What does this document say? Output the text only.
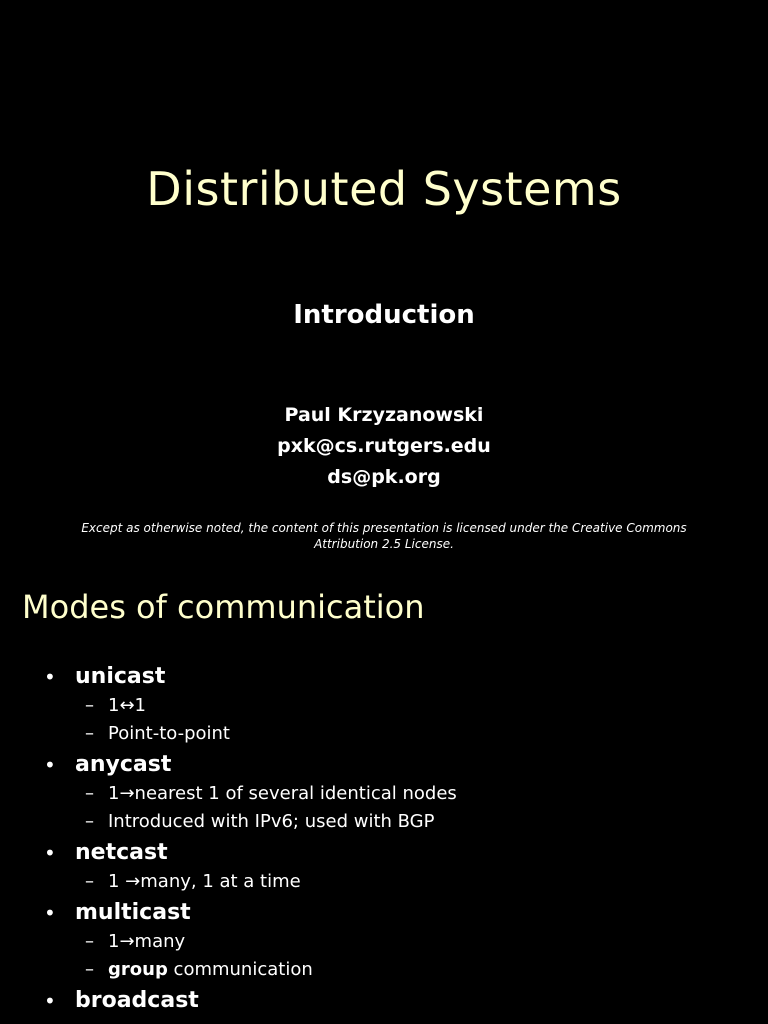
Distributed Systems
Introduction
Paul Krzyzanowski
pxk@cs.rutgers.edu
ds@pk.org
Except as otherwise noted, the content of this presentation is licensed under the Creative Commons
Attribution 2.5 License.
Modes of communication
• unicast
– 1↔1
– Point-to-point
• anycast
– 1→nearest 1 of several identical nodes
– Introduced with IPv6; used with BGP
• netcast
– 1 →many, 1 at a time
• multicast
– 1→many
– group communication
• broadcast
